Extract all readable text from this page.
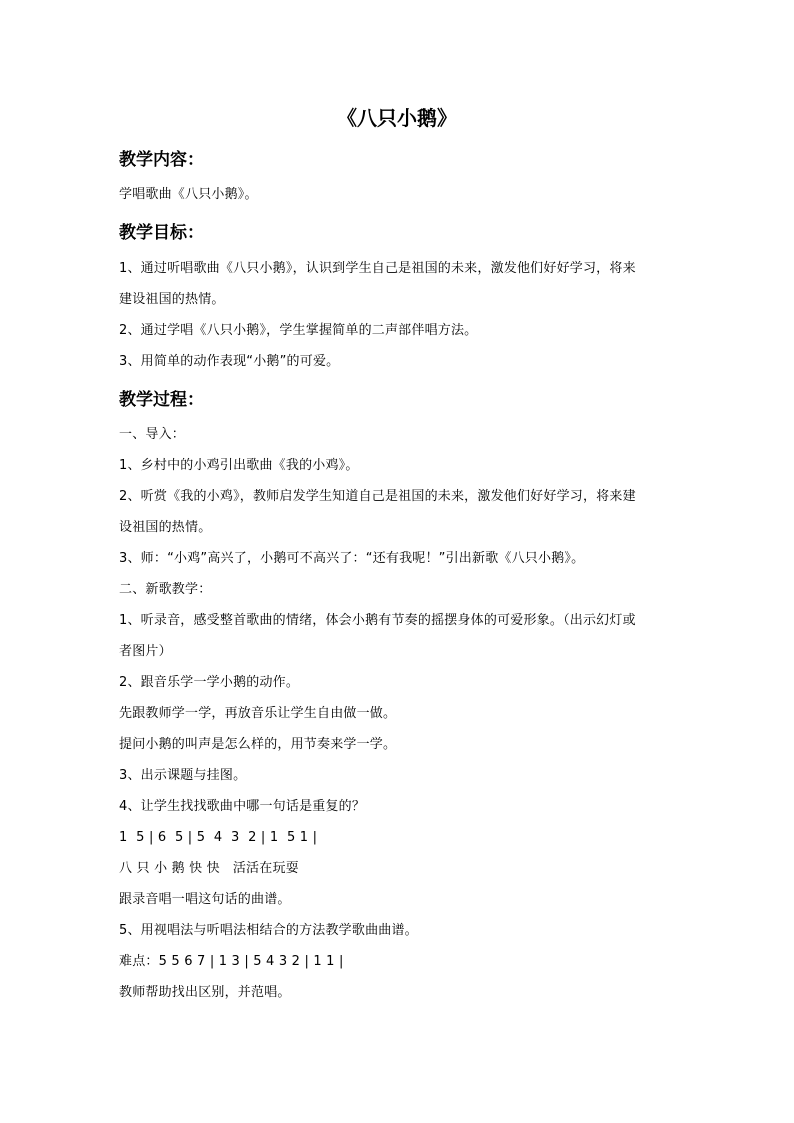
《八只小鹅》
教学内容：
学唱歌曲《八只小鹅》。
教学目标：
1、通过听唱歌曲《八只小鹅》，认识到学生自己是祖国的未来，激发他们好好学习，将来
建设祖国的热情。
2、通过学唱《八只小鹅》，学生掌握简单的二声部伴唱方法。
3、用简单的动作表现“小鹅”的可爱。
教学过程：
一、导入：
1、乡村中的小鸡引出歌曲《我的小鸡》。
2、听赏《我的小鸡》，教师启发学生知道自己是祖国的未来，激发他们好好学习，将来建
设祖国的热情。
3、师：“小鸡”高兴了，小鹅可不高兴了：“还有我呢！”引出新歌《八只小鹅》。
二、新歌教学：
1、听录音，感受整首歌曲的情绪，体会小鹅有节奏的摇摆身体的可爱形象。（出示幻灯或
者图片）
2、跟音乐学一学小鹅的动作。
先跟教师学一学，再放音乐让学生自由做一做。
提问小鹅的叫声是怎么样的，用节奏来学一学。
3、出示课题与挂图。
4、让学生找找歌曲中哪一句话是重复的？
1  5 | 6  5 | 5  4  3  2 | 1  5 1 |
八 只 小 鹅 快 快   活活在玩耍
跟录音唱一唱这句话的曲谱。
5、用视唱法与听唱法相结合的方法教学歌曲曲谱。
难点：5 5 6 7 | 1 3 | 5 4 3 2 | 1 1 |
教师帮助找出区别，并范唱。
